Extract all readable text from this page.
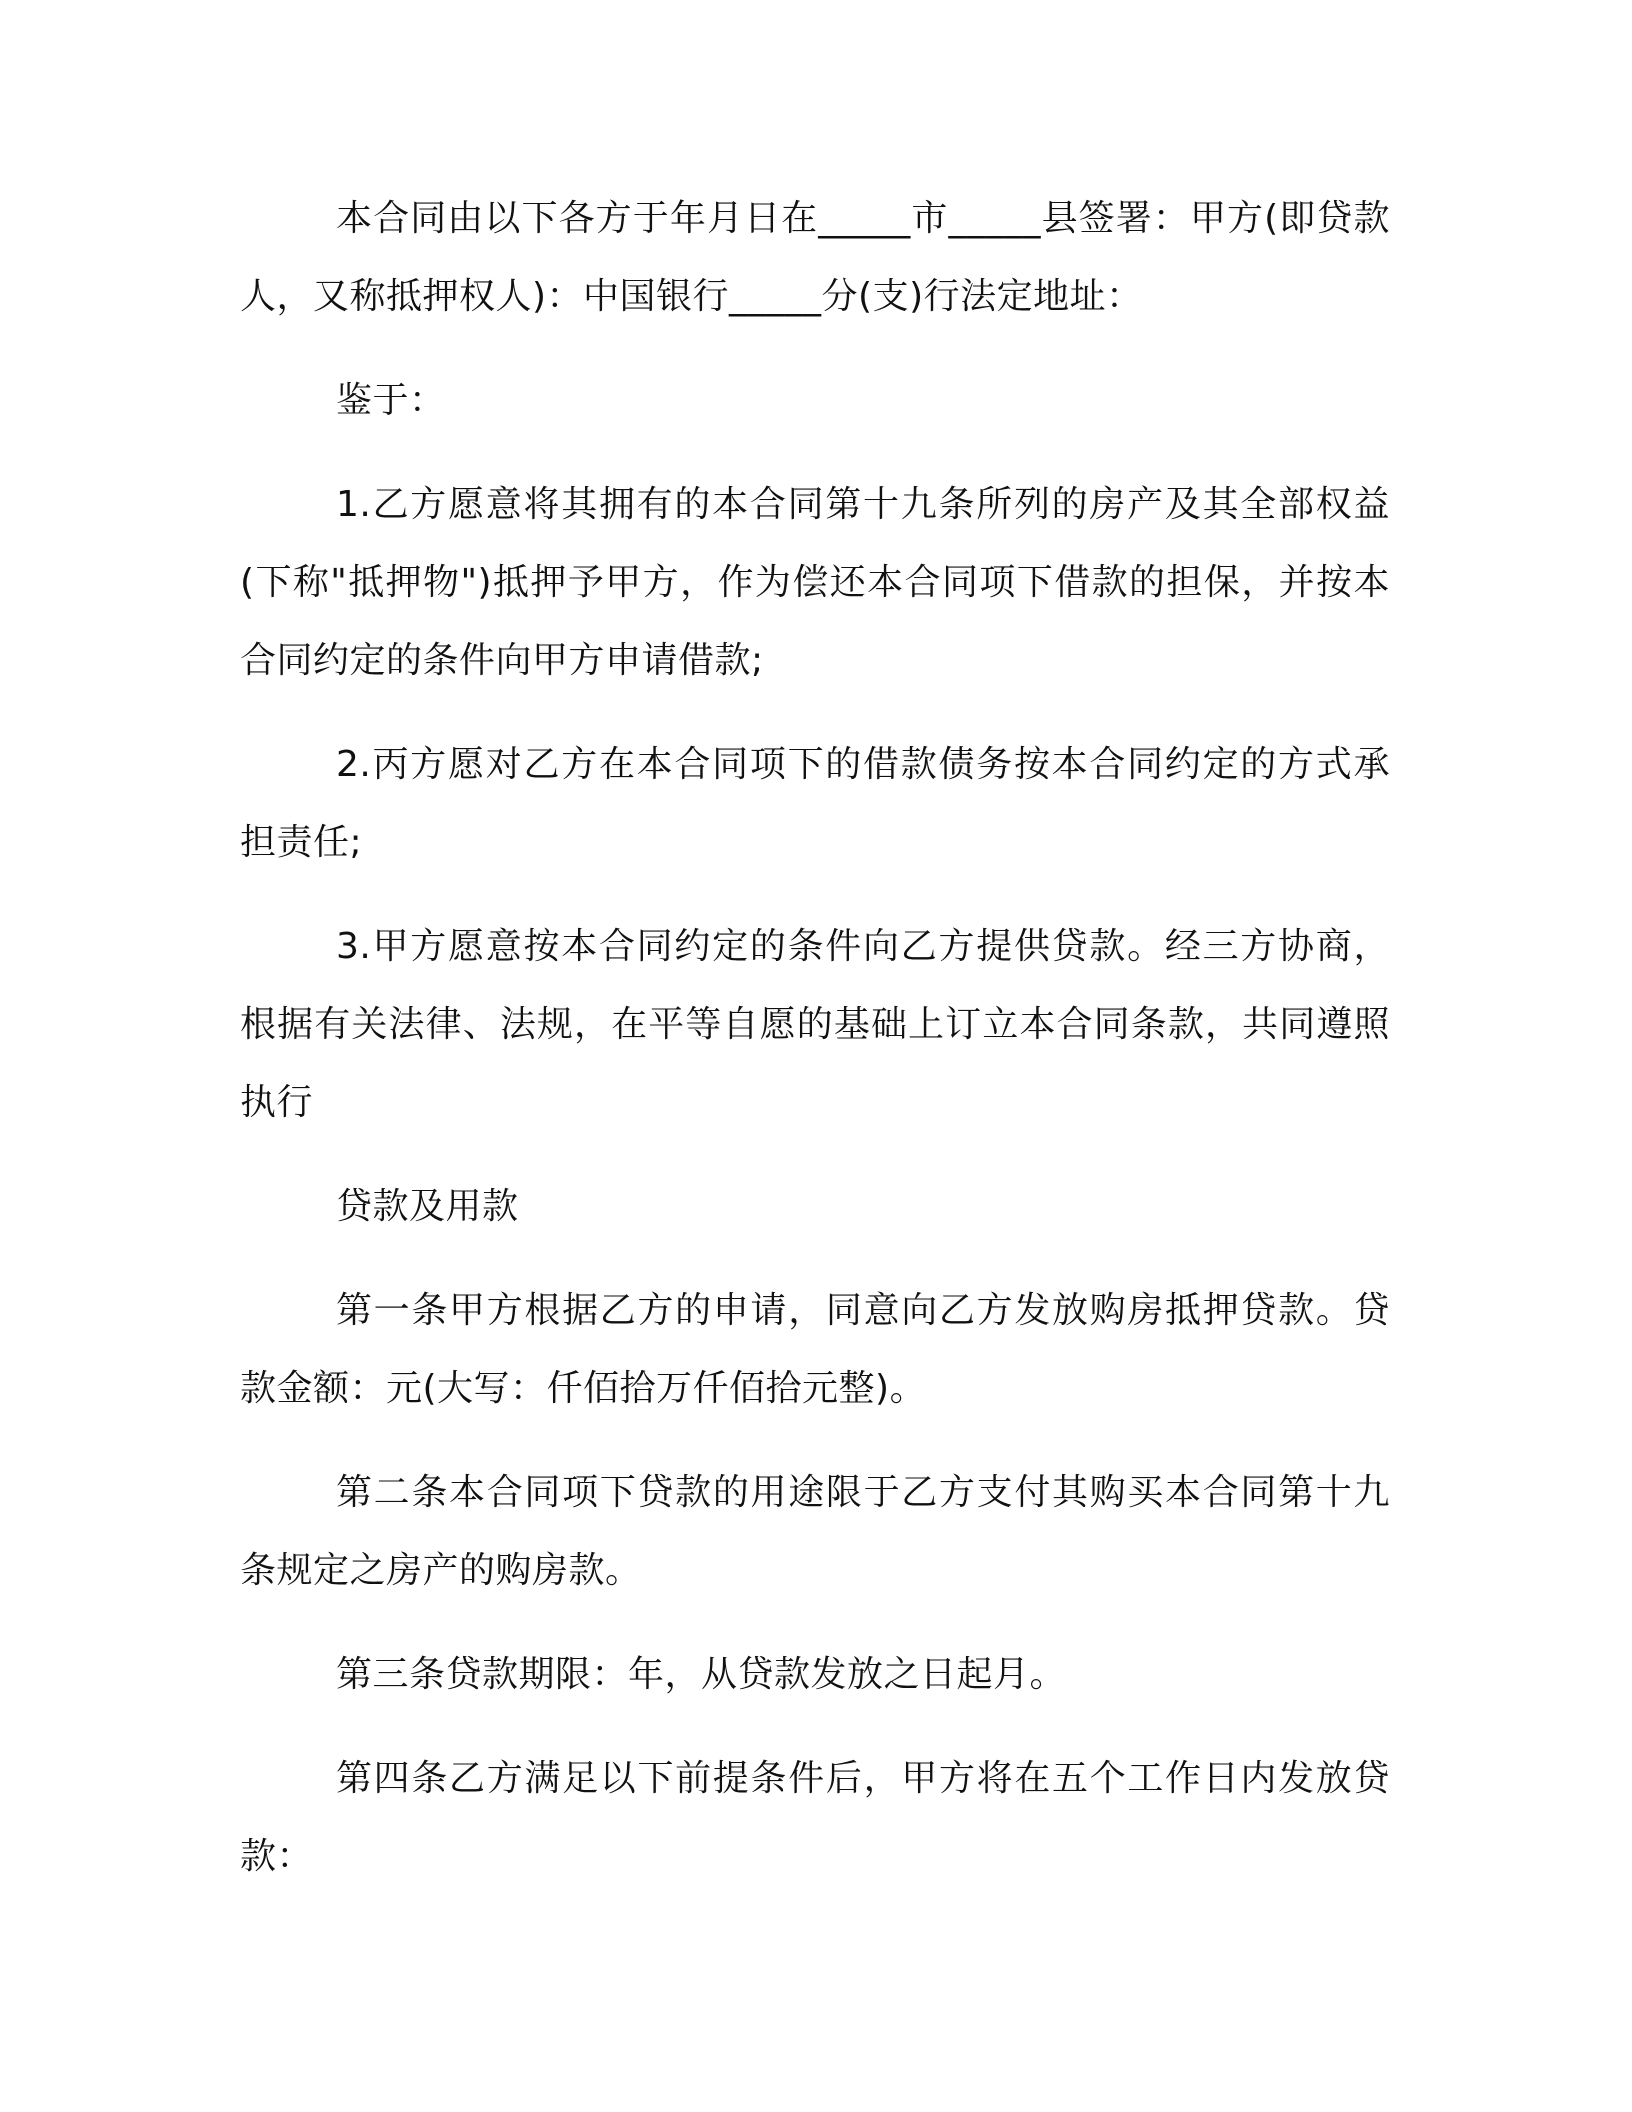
本合同由以下各方于年月日在_____市_____县签署：甲方(即贷款人，又称抵押权人)：中国银行_____分(支)行法定地址：

鉴于：

1.乙方愿意将其拥有的本合同第十九条所列的房产及其全部权益(下称"抵押物")抵押予甲方，作为偿还本合同项下借款的担保，并按本合同约定的条件向甲方申请借款;

2.丙方愿对乙方在本合同项下的借款债务按本合同约定的方式承担责任;

3.甲方愿意按本合同约定的条件向乙方提供贷款。经三方协商，根据有关法律、法规，在平等自愿的基础上订立本合同条款，共同遵照执行

贷款及用款

第一条甲方根据乙方的申请，同意向乙方发放购房抵押贷款。贷款金额：元(大写：仟佰拾万仟佰拾元整)。

第二条本合同项下贷款的用途限于乙方支付其购买本合同第十九条规定之房产的购房款。

第三条贷款期限：年，从贷款发放之日起月。

第四条乙方满足以下前提条件后，甲方将在五个工作日内发放贷款：
